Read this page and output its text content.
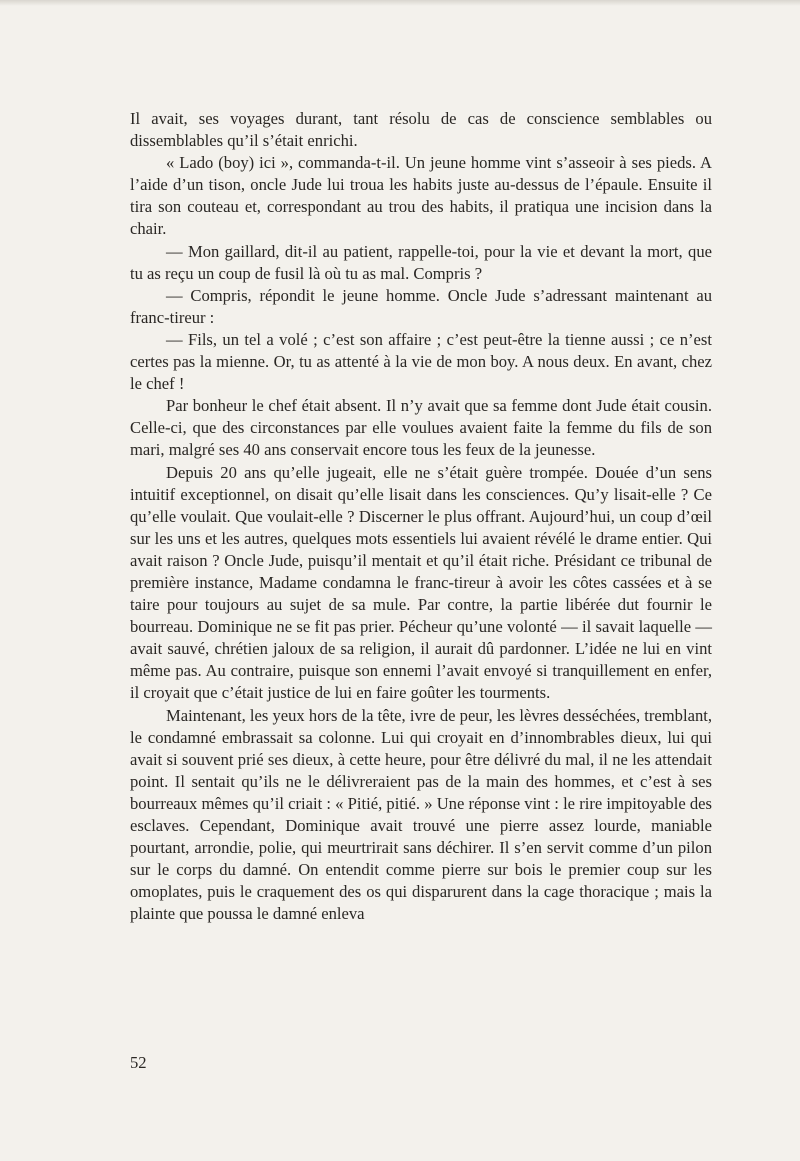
Il avait, ses voyages durant, tant résolu de cas de conscience semblables ou dissemblables qu’il s’était enrichi.

« Lado (boy) ici », commanda-t-il. Un jeune homme vint s’asseoir à ses pieds. A l’aide d’un tison, oncle Jude lui troua les habits juste au-dessus de l’épaule. Ensuite il tira son couteau et, correspondant au trou des habits, il pratiqua une incision dans la chair.

— Mon gaillard, dit-il au patient, rappelle-toi, pour la vie et devant la mort, que tu as reçu un coup de fusil là où tu as mal. Compris ?

— Compris, répondit le jeune homme. Oncle Jude s’adressant maintenant au franc-tireur :

— Fils, un tel a volé ; c’est son affaire ; c’est peut-être la tienne aussi ; ce n’est certes pas la mienne. Or, tu as attenté à la vie de mon boy. A nous deux. En avant, chez le chef !

Par bonheur le chef était absent. Il n’y avait que sa femme dont Jude était cousin. Celle-ci, que des circonstances par elle voulues avaient faite la femme du fils de son mari, malgré ses 40 ans conservait encore tous les feux de la jeunesse.

Depuis 20 ans qu’elle jugeait, elle ne s’était guère trompée. Douée d’un sens intuitif exceptionnel, on disait qu’elle lisait dans les consciences. Qu’y lisait-elle ? Ce qu’elle voulait. Que voulait-elle ? Discerner le plus offrant. Aujourd’hui, un coup d’œil sur les uns et les autres, quelques mots essentiels lui avaient révélé le drame entier. Qui avait raison ? Oncle Jude, puisqu’il mentait et qu’il était riche. Présidant ce tribunal de première instance, Madame condamna le franc-tireur à avoir les côtes cassées et à se taire pour toujours au sujet de sa mule. Par contre, la partie libérée dut fournir le bourreau. Dominique ne se fit pas prier. Pécheur qu’une volonté — il savait laquelle — avait sauvé, chrétien jaloux de sa religion, il aurait dû pardonner. L’idée ne lui en vint même pas. Au contraire, puisque son ennemi l’avait envoyé si tranquillement en enfer, il croyait que c’était justice de lui en faire goûter les tourments.

Maintenant, les yeux hors de la tête, ivre de peur, les lèvres desséchées, tremblant, le condamné embrassait sa colonne. Lui qui croyait en d’innombrables dieux, lui qui avait si souvent prié ses dieux, à cette heure, pour être délivré du mal, il ne les attendait point. Il sentait qu’ils ne le délivreraient pas de la main des hommes, et c’est à ses bourreaux mêmes qu’il criait : « Pitié, pitié. » Une réponse vint : le rire impitoyable des esclaves. Cependant, Dominique avait trouvé une pierre assez lourde, maniable pourtant, arrondie, polie, qui meurtrirait sans déchirer. Il s’en servit comme d’un pilon sur le corps du damné. On entendit comme pierre sur bois le premier coup sur les omoplates, puis le craquement des os qui disparurent dans la cage thoracique ; mais la plainte que poussa le damné enleva

52
